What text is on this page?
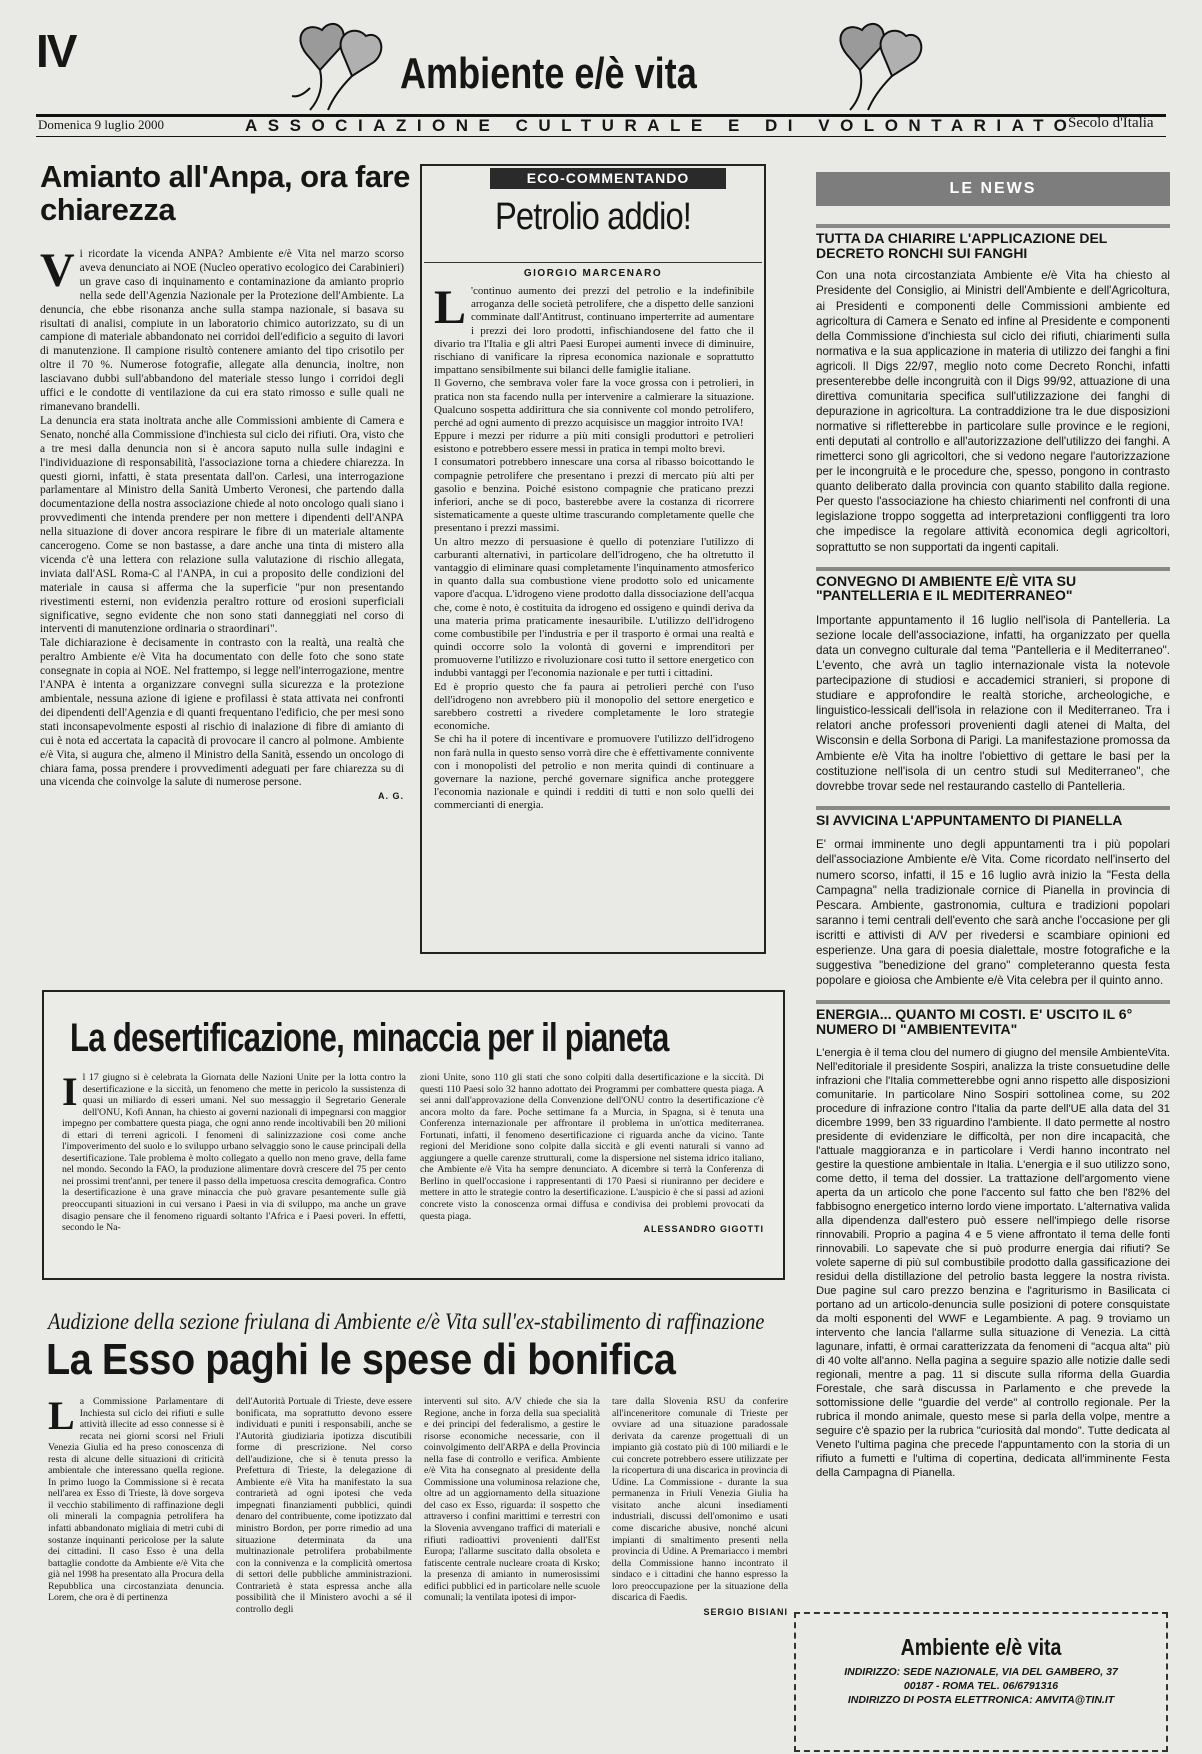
IV	Ambiente e/è vita
Domenica 9 luglio 2000	ASSOCIAZIONE CULTURALE E DI VOLONTARIATO
Secolo d'Italia
Amianto all'Anpa, ora fare chiarezza
V i ricordate la vicenda ANPA? Ambiente e/è Vita nel marzo scorso aveva denunciato ai NOE (Nucleo operativo ecologico dei Carabinieri) un grave caso di inquinamento e contaminazione da amianto proprio nella sede dell'Agenzia Nazionale per la Protezione dell'Ambiente. La denuncia, che ebbe risonanza anche sulla stampa nazionale, si basava su risultati di analisi, compiute in un laboratorio chimico autorizzato, su di un campione di materiale abbandonato nei corridoi dell'edificio a seguito di lavori di manutenzione. Il campione risultò contenere amianto del tipo crisotilo per oltre il 70 %. Numerose fotografie, allegate alla denuncia, inoltre, non lasciavano dubbi sull'abbandono del materiale stesso lungo i corridoi degli uffici e le condotte di ventilazione da cui era stato rimosso e sulle quali ne rimanevano brandelli.

La denuncia era stata inoltrata anche alle Commissioni ambiente di Camera e Senato, nonché alla Commissione d'inchiesta sul ciclo dei rifiuti. Ora, visto che a tre mesi dalla denuncia non si è ancora saputo nulla sulle indagini e l'individuazione di responsabilità, l'associazione torna a chiedere chiarezza. In questi giorni, infatti, è stata presentata dall'on. Carlesi, una interrogazione parlamentare al Ministro della Sanità Umberto Veronesi, che partendo dalla documentazione della nostra associazione chiede al noto oncologo quali siano i provvedimenti che intenda prendere per non mettere i dipendenti dell'ANPA nella situazione di dover ancora respirare le fibre di un materiale altamente cancerogeno. Come se non bastasse, a dare anche una tinta di mistero alla vicenda c'è una lettera con relazione sulla valutazione di rischio allegata, inviata dall'ASL Roma-C al l'ANPA, in cui a proposito delle condizioni del materiale in causa si afferma che la superficie "pur non presentando rivestimenti esterni, non evidenzia peraltro rotture od erosioni superficiali significative, segno evidente che non sono stati danneggiati nel corso di interventi di manutenzione ordinaria o straordinari".

Tale dichiarazione è decisamente in contrasto con la realtà, una realtà che peraltro Ambiente e/è Vita ha documentato con delle foto che sono state consegnate in copia ai NOE. Nel frattempo, si legge nell'interrogazione, mentre l'ANPA è intenta a organizzare convegni sulla sicurezza e la protezione ambientale, nessuna azione di igiene e profilassi è stata attivata nei confronti dei dipendenti dell'Agenzia e di quanti frequentano l'edificio, che per mesi sono stati inconsapevolmente esposti al rischio di inalazione di fibre di amianto di cui è nota ed accertata la capacità di provocare il cancro al polmone. Ambiente e/è Vita, si augura che, almeno il Ministro della Sanità, essendo un oncologo di chiara fama, possa prendere i provvedimenti adeguati per fare chiarezza su di una vicenda che coinvolge la salute di numerose persone.

A. G.
ECO-COMMENTANDO
Petrolio addio!
GIORGIO MARCENARO
L 'continuo aumento dei prezzi del petrolio e la indefinibile arroganza delle società petrolifere, che a dispetto delle sanzioni comminate dall'Antitrust, continuano imperterrite ad aumentare i prezzi dei loro prodotti, infischiandosene del fatto che il divario tra l'Italia e gli altri Paesi Europei aumenti invece di diminuire, rischiano di vanificare la ripresa economica nazionale e soprattutto impattano sensibilmente sui bilanci delle famiglie italiane.

Il Governo, che sembrava voler fare la voce grossa con i petrolieri, in pratica non sta facendo nulla per intervenire a calmierare la situazione. Qualcuno sospetta addirittura che sia connivente col mondo petrolifero, perché ad ogni aumento di prezzo acquisisce un maggior introito IVA!

Eppure i mezzi per ridurre a più miti consigli produttori e petrolieri esistono e potrebbero essere messi in pratica in tempi molto brevi.

I consumatori potrebbero innescare una corsa al ribasso boicottando le compagnie petrolifere che presentano i prezzi di mercato più alti per gasolio e benzina. Poiché esistono compagnie che praticano prezzi inferiori, anche se di poco, basterebbe avere la costanza di ricorrere sistematicamente a queste ultime trascurando completamente quelle che presentano i prezzi massimi.

Un altro mezzo di persuasione è quello di potenziare l'utilizzo di carburanti alternativi, in particolare dell'idrogeno, che ha oltretutto il vantaggio di eliminare quasi completamente l'inquinamento atmosferico in quanto dalla sua combustione viene prodotto solo ed unicamente vapore d'acqua. L'idrogeno viene prodotto dalla dissociazione dell'acqua che, come è noto, è costituita da idrogeno ed ossigeno e quindi deriva da una materia prima praticamente inesauribile. L'utilizzo dell'idrogeno come combustibile per l'industria e per il trasporto è ormai una realtà e quindi occorre solo la volontà di governi e imprenditori per promuoverne l'utilizzo e rivoluzionare così tutto il settore energetico con indubbi vantaggi per l'economia nazionale e per tutti i cittadini.

Ed è proprio questo che fa paura ai petrolieri perché con l'uso dell'idrogeno non avrebbero più il monopolio del settore energetico e sarebbero costretti a rivedere completamente le loro strategie economiche.

Se chi ha il potere di incentivare e promuovere l'utilizzo dell'idrogeno non farà nulla in questo senso vorrà dire che è effettivamente connivente con i monopolisti del petrolio e non merita quindi di continuare a governare la nazione, perché governare significa anche proteggere l'economia nazionale e quindi i redditi di tutti e non solo quelli dei commercianti di energia.

LE NEWS
TUTTA DA CHIARIRE L'APPLICAZIONE DEL DECRETO RONCHI SUI FANGHI

Con una nota circostanziata Ambiente e/è Vita ha chiesto al Presidente del Consiglio, ai Ministri dell'Ambiente e dell'Agricoltura, ai Presidenti e componenti delle Commissioni ambiente ed agricoltura di Camera e Senato ed infine al Presidente e componenti della Commissione d'inchiesta sul ciclo dei rifiuti, chiarimenti sulla normativa e la sua applicazione in materia di utilizzo dei fanghi a fini agricoli. Il Digs 22/97, meglio noto come Decreto Ronchi, infatti presenterebbe delle incongruità con il Digs 99/92, attuazione di una direttiva comunitaria specifica sull'utilizzazione dei fanghi di depurazione in agricoltura. La contraddizione tra le due disposizioni normative si rifletterebbe in particolare sulle province e le regioni, enti deputati al controllo e all'autorizzazione dell'utilizzo dei fanghi. A rimetterci sono gli agricoltori, che si vedono negare l'autorizzazione per le incongruità e le procedure che, spesso, pongono in contrasto quanto deliberato dalla provincia con quanto stabilito dalla regione. Per questo l'associazione ha chiesto chiarimenti nel confronti di una legislazione troppo soggetta ad interpretazioni confliggenti tra loro che impedisce la regolare attività economica degli agricoltori, soprattutto se non supportati da ingenti capitali.

CONVEGNO DI AMBIENTE E/È VITA SU "PANTELLERIA E IL MEDITERRANEO"

Importante appuntamento il 16 luglio nell'isola di Pantelleria. La sezione locale dell'associazione, infatti, ha organizzato per quella data un convegno culturale dal tema "Pantelleria e il Mediterraneo". L'evento, che avrà un taglio internazionale vista la notevole partecipazione di studiosi e accademici stranieri, si propone di studiare e approfondire le realtà storiche, archeologiche, e linguistico-lessicali dell'isola in relazione con il Mediterraneo. Tra i relatori anche professori provenienti dagli atenei di Malta, del Wisconsin e della Sorbona di Parigi. La manifestazione promossa da Ambiente e/è Vita ha inoltre l'obiettivo di gettare le basi per la costituzione nell'isola di un centro studi sul Mediterraneo", che dovrebbe trovar sede nel restaurando castello di Pantelleria.

SI AVVICINA L'APPUNTAMENTO DI PIANELLA

E' ormai imminente uno degli appuntamenti tra i più popolari dell'associazione Ambiente e/è Vita. Come ricordato nell'inserto del numero scorso, infatti, il 15 e 16 luglio avrà inizio la "Festa della Campagna" nella tradizionale cornice di Pianella in provincia di Pescara. Ambiente, gastronomia, cultura e tradizioni popolari saranno i temi centrali dell'evento che sarà anche l'occasione per gli iscritti e attivisti di A/V per rivedersi e scambiare opinioni ed esperienze. Una gara di poesia dialettale, mostre fotografiche e la suggestiva "benedizione del grano" completeranno questa festa popolare e gioiosa che Ambiente e/è Vita celebra per il quinto anno.

ENERGIA... QUANTO MI COSTI. E' USCITO IL 6° NUMERO DI "AMBIENTEVITA"

L'energia è il tema clou del numero di giugno del mensile AmbienteVita. Nell'editoriale il presidente Sospiri, analizza la triste consuetudine delle infrazioni che l'Italia commetterebbe ogni anno rispetto alle disposizioni comunitarie. In particolare Nino Sospiri sottolinea come, su 202 procedure di infrazione contro l'Italia da parte dell'UE alla data del 31 dicembre 1999, ben 33 riguardino l'ambiente. Il dato permette al nostro presidente di evidenziare le difficoltà, per non dire incapacità, che l'attuale maggioranza e in particolare i Verdi hanno incontrato nel gestire la questione ambientale in Italia. L'energia e il suo utilizzo sono, come detto, il tema del dossier. La trattazione dell'argomento viene aperta da un articolo che pone l'accento sul fatto che ben l'82% del fabbisogno energetico interno lordo viene importato. L'alternativa valida alla dipendenza dall'estero può essere nell'impiego delle risorse rinnovabili. Proprio a pagina 4 e 5 viene affrontato il tema delle fonti rinnovabili. Lo sapevate che si può produrre energia dai rifiuti? Se volete saperne di più sul combustibile prodotto dalla gassificazione dei residui della distillazione del petrolio basta leggere la nostra rivista. Due pagine sul caro prezzo benzina e l'agriturismo in Basilicata ci portano ad un articolo-denuncia sulle posizioni di potere consquistate da molti esponenti del WWF e Legambiente. A pag. 9 troviamo un intervento che lancia l'allarme sulla situazione di Venezia. La città lagunare, infatti, è ormai caratterizzata da fenomeni di "acqua alta" più di 40 volte all'anno. Nella pagina a seguire spazio alle notizie dalle sedi regionali, mentre a pag. 11 si discute sulla riforma della Guardia Forestale, che sarà discussa in Parlamento e che prevede la sottomissione delle "guardie del verde" al controllo regionale. Per la rubrica il mondo animale, questo mese si parla della volpe, mentre a seguire c'è spazio per la rubrica "curiosità dal mondo". Tutte dedicata al Veneto l'ultima pagina che precede l'appuntamento con la storia di un rifiuto a fumetti e l'ultima di copertina, dedicata all'imminente Festa della Campagna di Pianella.

La desertificazione, minaccia per il pianeta
I l 17 giugno si è celebrata la Giornata delle Nazioni Unite per la lotta contro la desertificazione e la siccità, un fenomeno che mette in pericolo la sussistenza di quasi un miliardo di esseri umani. Nel suo messaggio il Segretario Generale dell'ONU, Kofi Annan, ha chiesto ai governi nazionali di impegnarsi con maggior impegno per combattere questa piaga, che ogni anno rende incoltivabili ben 20 milioni di ettari di terreni agricoli. I fenomeni di salinizzazione così come anche l'impoverimento del suolo e lo sviluppo urbano selvaggio sono le cause principali della desertificazione. Tale problema è molto collegato a quello non meno grave, della fame nel mondo. Secondo la FAO, la produzione alimentare dovrà crescere del 75 per cento nei prossimi trent'anni, per tenere il passo della impetuosa crescita demografica. Contro la desertificazione è una grave minaccia che può gravare pesantemente sulle già preoccupanti situazioni in cui versano i Paesi in via di sviluppo, ma anche un grave disagio pensare che il fenomeno riguardi soltanto l'Africa e i Paesi poveri. In effetti, secondo le Na-
zioni Unite, sono 110 gli stati che sono colpiti dalla desertificazione e la siccità. Di questi 110 Paesi solo 32 hanno adottato dei Programmi per combattere questa piaga. A sei anni dall'approvazione della Convenzione dell'ONU contro la desertificazione c'è ancora molto da fare. Poche settimane fa a Murcia, in Spagna, si è tenuta una Conferenza internazionale per affrontare il problema in un'ottica mediterranea. Fortunati, infatti, il fenomeno desertificazione ci riguarda anche da vicino. Tante regioni del Meridione sono colpite dalla siccità e gli eventi naturali si vanno ad aggiungere a quelle carenze strutturali, come la dispersione nel sistema idrico italiano, che Ambiente e/è Vita ha sempre denunciato. A dicembre si terrà la Conferenza di Berlino in quell'occasione i rappresentanti di 170 Paesi si riuniranno per decidere e mettere in atto le strategie contro la desertificazione. L'auspicio è che si passi ad azioni concrete visto la conoscenza ormai diffusa e condivisa dei problemi provocati da questa piaga.
ALESSANDRO GIGOTTI
Audizione della sezione friulana di Ambiente e/è Vita sull'ex-stabilimento di raffinazione
La Esso paghi le spese di bonifica
L a Commissione Parlamentare di Inchiesta sul ciclo dei rifiuti e sulle attività illecite ad esso connesse si è recata nei giorni scorsi nel Friuli Venezia Giulia ed ha preso conoscenza di resta di alcune delle situazioni di criticità ambientale che interessano quella regione. In primo luogo la Commissione si è recata nell'area ex Esso di Trieste, là dove sorgeva il vecchio stabilimento di raffinazione degli oli minerali la compagnia petrolifera ha infatti abbandonato migliaia di metri cubi di sostanze inquinanti pericolose per la salute dei cittadini. Il caso Esso è una della battaglie condotte da Ambiente e/è Vita che già nel 1998 ha presentato alla Procura della Repubblica una circostanziata denuncia. Lorem, che ora è di pertinenza
dell'Autorità Portuale di Trieste, deve essere bonificata, ma soprattutto devono essere individuati e puniti i responsabili, anche se l'Autorità giudiziaria ipotizza discutibili forme di prescrizione. Nel corso dell'audizione, che si è tenuta presso la Prefettura di Trieste, la delegazione di Ambiente e/è Vita ha manifestato la sua contrarietà ad ogni ipotesi che veda impegnati finanziamenti pubblici, quindi denaro del contribuente, come ipotizzato dal ministro Bordon, per porre rimedio ad una situazione determinata da una multinazionale petrolifera probabilmente con la connivenza e la complicità omertosa di settori delle pubbliche amministrazioni. Contrarietà è stata espressa anche alla possibilità che il Ministero avochi a sé il controllo degli
interventi sul sito. A/V chiede che sia la Regione, anche in forza della sua specialità e dei principi del federalismo, a gestire le risorse economiche necessarie, con il coinvolgimento dell'ARPA e della Provincia nella fase di controllo e verifica. Ambiente e/è Vita ha consegnato al presidente della Commissione una voluminosa relazione che, oltre ad un aggiornamento della situazione del caso ex Esso, riguarda: il sospetto che attraverso i confini marittimi e terrestri con la Slovenia avvengano traffici di materiali e rifiuti radioattivi provenienti dall'Est Europa; l'allarme suscitato dalla obsoleta e fatiscente centrale nucleare croata di Krsko; la presenza di amianto in numerosissimi edifici pubblici ed in particolare nelle scuole comunali; la ventilata ipotesi di impor-
tare dalla Slovenia RSU da conferire all'inceneritore comunale di Trieste per ovviare ad una situazione paradossale derivata da carenze progettuali di un impianto già costato più di 100 miliardi e le cui concrete potrebbero essere utilizzate per la ricopertura di una discarica in provincia di Udine. La Commissione - durante la sua permanenza in Friuli Venezia Giulia ha visitato anche alcuni insediamenti industriali, discussi dell'omonimo e usati come discariche abusive, nonché alcuni impianti di smaltimento presenti nella provincia di Udine. A Premariacco i membri della Commissione hanno incontrato il sindaco e i cittadini che hanno espresso la loro preoccupazione per la situazione della discarica di Faedis.
SERGIO BISIANI
Ambiente e/è vita
INDIRIZZO: SEDE NAZIONALE, VIA DEL GAMBERO, 37
00187 - ROMA TEL. 06/6791316
INDIRIZZO DI POSTA ELETTRONICA: AMVITA@TIN.IT
